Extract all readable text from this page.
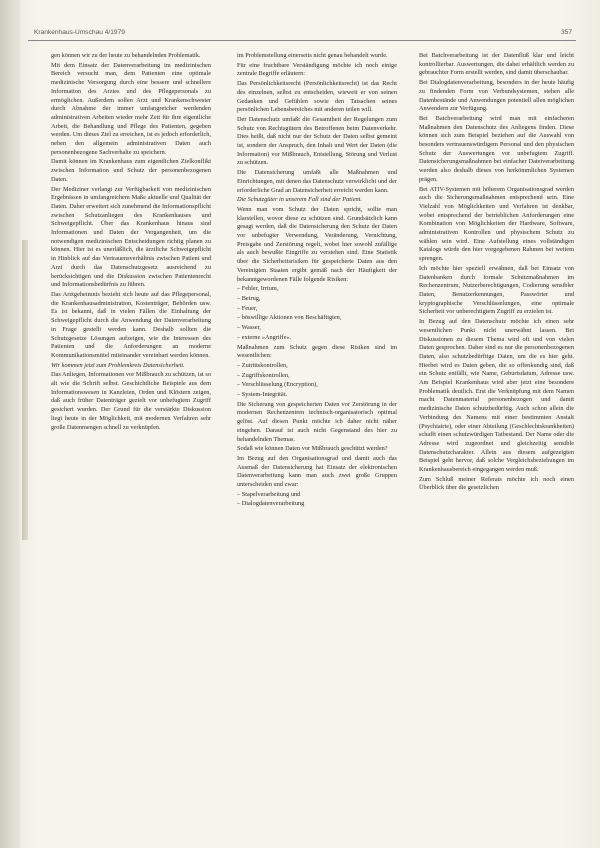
Krankenhaus-Umschau 4/1979	357

gen können wir zu der heute zu behandelnden Problematik.

Mit dem Einsatz der Datenverarbeitung im medizinischen Bereich versucht man, dem Patienten eine optimale medizinische Versorgung durch eine bessere und schnellere Information des Arztes und des Pflegepersonals zu ermöglichen. Außerdem sollen Arzt und Krankenschwester durch Abnahme der immer umfangreicher werdenden administrativen Arbeiten wieder mehr Zeit für ihre eigentliche Arbeit, die Behandlung und Pflege des Patienten, gegeben werden. Um dieses Ziel zu erreichen, ist es jedoch erforderlich, neben den allgemein administrativen Daten auch personenbezogene Sachverhalte zu speichern.

Damit können im Krankenhaus zum eigentlichen Zielkonflikt zwischen Information und Schutz der personenbezogenen Daten.

Der Mediziner verlangt zur Verfügbarkeit von medizinischen Ergebnissen in umfangreichem Maße aktuelle und Qualität der Daten. Daher erweitert sich zunehmend die Informationspflicht zwischen Schutzanliegen des Krankenhauses und Schweigepflicht. Über das Krankenhaus hinaus sind Informationen und Daten der Vergangenheit, um die notwendigen medizinischen Entscheidungen richtig planen zu können. Hier ist es unerläßlich, die ärztliche Schweigepflicht in Hinblick auf das Vertrauensverhältnis zwischen Patient und Arzt durch das Datenschutzgesetz ausreichend zu berücksichtigen und die Diskussion zwischen Patientenrecht und Informationsbedürfnis zu führen.

Das Arztgeheimnis bezieht sich heute auf das Pflegepersonal, die Krankenhausadministration, Kostenträger, Behörden usw. Es ist bekannt, daß in vielen Fällen die Einhaltung der Schweigepflicht durch die Anwendung der Datenverarbeitung in Frage gestellt werden kann. Deshalb sollten die Schutzgesetze Lösungen aufzeigen, wie die Interessen des Patienten und die Anforderungen an moderne Kommunikationsmittel miteinander vereinbart werden können.

Wir kommen jetzt zum Problemkreis Datensicherheit.

Das Anliegen, Informationen vor Mißbrauch zu schützen, ist so alt wie die Schrift selbst. Geschichtliche Beispiele aus dem Informationswesen in Kanzleien, Orden und Klöstern zeigen, daß auch früher Datenträger gezielt vor unbefugtem Zugriff gesichert wurden. Der Grund für die verstärkte Diskussion liegt heute in der Möglichkeit, mit modernen Verfahren sehr große Datenmengen schnell zu verknüpfen.

im Problemstellung einerseits nicht genau behandelt wurde.

Für eine fruchtbare Verständigung möchte ich noch einige zentrale Begriffe erläutern:

Das Persönlichkeitsrecht (Persönlichkeitsrecht) ist das Recht des einzelnen, selbst zu entscheiden, wieweit er von seinen Gedanken und Gefühlen sowie den Tatsachen seines persönlichen Lebensbereiches mit anderen teilen will.

Der Datenschutz umfaßt die Gesamtheit der Regelungen zum Schutz von Rechtsgütern des Betroffenen beim Datenverkehr. Dies heißt, daß nicht nur der Schutz der Daten selbst gemeint ist, sondern der Anspruch, den Inhalt und Wert der Daten (die Information) vor Mißbrauch, Entstellung, Störung und Verlust zu schützen.

Die Datensicherung umfaßt alle Maßnahmen und Einrichtungen, mit denen das Datenschutz verwirklicht und der erforderliche Grad an Datensicherheit erreicht werden kann.

Die Schutzgüter in unserem Fall sind der Patient.

Wenn man vom Schutz der Daten spricht, sollte man klarstellen, wovor diese zu schützen sind. Grundsätzlich kann gesagt werden, daß die Datensicherung den Schutz der Daten vor unbefugter Verwendung, Veränderung, Vernichtung, Preisgabe und Zerstörung regelt, wobei hier sowohl zufällige als auch bewußte Eingriffe zu verstehen sind. Eine Statistik über die Sicherheitsrisiken für gespeicherte Daten aus den Vereinigten Staaten ergibt gemäß nach der Häufigkeit der bekanntgewordenen Fälle folgende Risiken:

– Fehler, Irrtum,

– Betrug,

– Feuer,

– böswillige Aktionen von Beschäftigten,

– Wasser,

– externe »Angriffe«.

Maßnahmen zum Schutz gegen diese Risiken sind im wesentlichen:

– Zutrittskontrollen,

– Zugriffskontrollen,

– Verschlüsselung (Encryption),

– System-Integrität.

Die Sicherung von gespeicherten Daten vor Zerstörung in der modernen Rechenzentren technisch-organisatorisch optimal gelöst. Auf diesen Punkt möchte ich daher nicht näher eingehen. Darauf ist auch nicht Gegenstand des hier zu behandelnden Themas.

Sodaß wie können Daten vor Mißbrauch geschützt werden?

Im Bezug auf den Organisationsgrad und damit auch das Ausmaß der Datensicherung hat Einsatz der elektronischen Datenverarbeitung kann man auch zwei große Gruppen unterscheiden und zwar:

– Stapelverarbeitung und

– Dialogdatenverarbeitung

Bei Batchverarbeitung ist der Datenfluß klar und leicht kontrollierbar. Auswertungen, die dabei erhältlich werden zu gebrauchter Form erstellt werden, sind damit überschaubar.

Bei Dialogdatenverarbeitung, besonders in der heute häufig zu findenden Form von Verbundsystemen, stehen alle Datenbestände und Anwendungen potentiell allen möglichen Anwendern zur Verfügung.

Bei Batchverarbeitung wird man mit einfacheren Maßnahmen den Datenschutz des Anliegens finden. Diese können sich zum Beispiel beziehen auf die Auswahl von besonders vertrauenswürdigem Personal und den physischen Schutz der Auswertungen vor unbefugtem Zugriff. Datensicherungsmaßnahmen bei einfacher Dateiverarbeitung werden also deshalb dieses von herkömmlichen Systemen prägen.

Bei ATIV-Systemen mit höherem Organisationsgrad werden auch die Sicherungsmaßnahmen entsprechend sein. Eine Vielzahl von Möglichkeiten und Verfahren ist denkbar, wobei entsprechend der betrieblichen Anforderungen eine Kombination von Möglichkeiten der Hardware, Software, administrativen Kontrollen und physischem Schutz zu wählen sein wird. Eine Aufstellung eines vollständigen Katalogs würde den hier vorgegebenen Rahmen bei weitem sprengen.

Ich möchte hier speziell erwähnen, daß bei Einsatz von Datenbanken durch formale Schutzmaßnahmen im Rechenzentrum, Nutzerberechtigungen, Codierung sensibler Daten, Benutzerkennungen, Passwörter und kryptographische Verschlüsselungen, eine optimale Sicherheit vor unberechtigtem Zugriff zu erzielen ist.

In Bezug auf den Datenschutz möchte ich einen sehr wesentlichen Punkt nicht unerwähnt lassen. Bei Diskussionen zu diesem Thema wird oft und von vielen Daten gesprochen. Daher sind es nur die personenbezogenen Daten, also schutzbedürftige Daten, um die es hier geht. Hierbei wird es Daten geben, die so offenkundig sind, daß ein Schutz entfällt, wie Name, Geburtsdatum, Adresse usw. Am Beispiel Krankenhaus wird aber jetzt eine besondere Problematik deutlich. Erst die Verknüpfung mit dem Namen macht Datenmaterial personenbezogen und damit medizinische Daten schutzbedürftig. Auch schon allein die Verbindung des Namens mit einer bestimmten Anstalt (Psychiatrie), oder einer Abteilung (Geschlechtskrankheiten) schafft einen schutzwürdigen Tatbestand. Der Name oder die Adresse wird zugeordnet und gleichzeitig sensible Datenschutzcharakter. Allein aus diesem aufgezeigten Beispiel geht hervor, daß solche Vergleichsbeziehungen im Krankenhausbereich eingegangen werden muß.

Zum Schluß meiner Referats möchte ich noch einen Überblick über die gesetzlichen
